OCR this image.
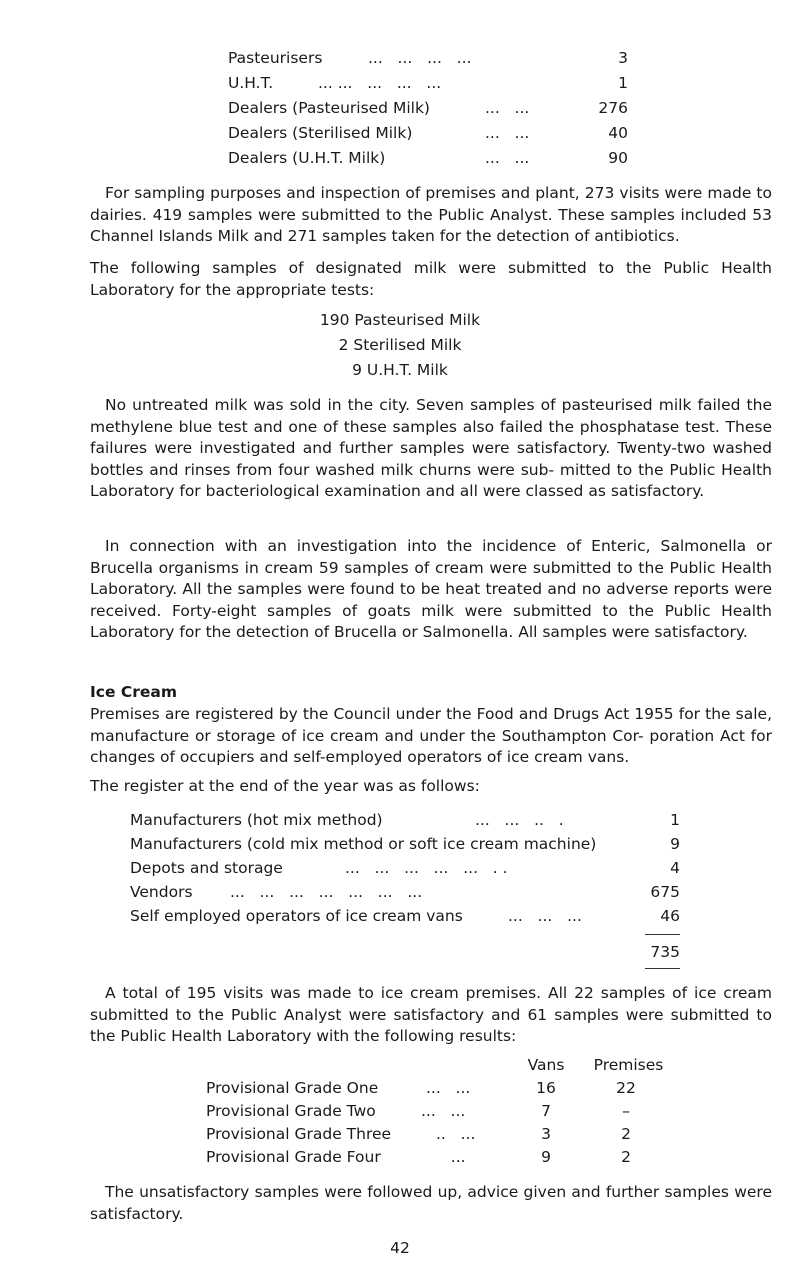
Pasteurisers	...   ...   ...   ...	3
U.H.T.	... ...   ...   ...   ...	1
Dealers (Pasteurised Milk)	...   ...	276
Dealers (Sterilised Milk)	...   ...	40
Dealers (U.H.T. Milk)	...   ...	90

For sampling purposes and inspection of premises and plant, 273 visits were made to dairies. 419 samples were submitted to the Public Analyst. These samples included 53 Channel Islands Milk and 271 samples taken for the detection of antibiotics.

The following samples of designated milk were submitted to the Public Health Laboratory for the appropriate tests:

190 Pasteurised Milk
2 Sterilised Milk
9 U.H.T. Milk

No untreated milk was sold in the city. Seven samples of pasteurised milk failed the methylene blue test and one of these samples also failed the phosphatase test. These failures were investigated and further samples were satisfactory. Twenty-two washed bottles and rinses from four washed milk churns were sub- mitted to the Public Health Laboratory for bacteriological examination and all were classed as satisfactory.

In connection with an investigation into the incidence of Enteric, Salmonella or Brucella organisms in cream 59 samples of cream were submitted to the Public Health Laboratory. All the samples were found to be heat treated and no adverse reports were received. Forty-eight samples of goats milk were submitted to the Public Health Laboratory for the detection of Brucella or Salmonella. All samples were satisfactory.

Ice Cream

Premises are registered by the Council under the Food and Drugs Act 1955 for the sale, manufacture or storage of ice cream and under the Southampton Cor- poration Act for changes of occupiers and self-employed operators of ice cream vans.

The register at the end of the year was as follows:

Manufacturers (hot mix method)	...   ...   ..   .	1
Manufacturers (cold mix method or soft ice cream machine)	9
Depots and storage	...   ...   ...   ...   ...   . .	4
Vendors ...   ...   ...   ...   ...   ...   ...	675
Self employed operators of ice cream vans	...   ...   ...	46
735

A total of 195 visits was made to ice cream premises. All 22 samples of ice cream submitted to the Public Analyst were satisfactory and 61 samples were submitted to the Public Health Laboratory with the following results:

Vans Premises
Provisional Grade One	...   ...	16	22
Provisional Grade Two	...   ...	7	–
Provisional Grade Three	..   ...	3	2
Provisional Grade Four	...	9	2

The unsatisfactory samples were followed up, advice given and further samples were satisfactory.

42
